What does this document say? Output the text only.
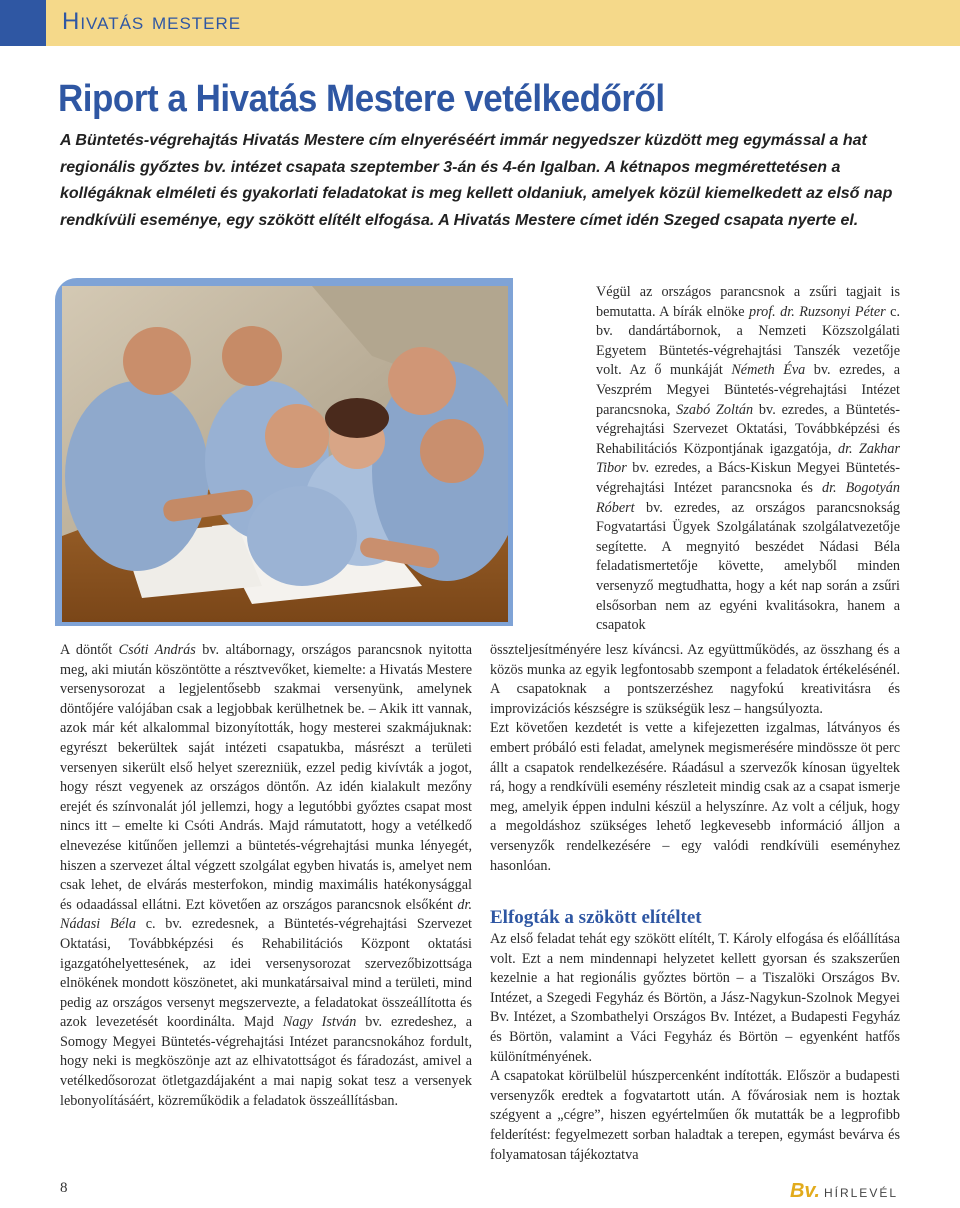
Hivatás mestere
Riport a Hivatás Mestere vetélkedőről

A Büntetés-végrehajtás Hivatás Mestere cím elnyeréséért immár negyedszer küzdött meg egymással a hat regionális győztes bv. intézet csapata szeptember 3-án és 4-én Igalban. A kétnapos megmérettetésen a kollégáknak elméleti és gyakorlati feladatokat is meg kellett oldaniuk, amelyek közül kiemelkedett az első nap rendkívüli eseménye, egy szökött elítélt elfogása. A Hivatás Mestere címet idén Szeged csapata nyerte el.

Végül az országos parancsnok a zsűri tagjait is bemutatta. A bírák elnöke prof. dr. Ruzsonyi Péter c. bv. dandártábornok, a Nemzeti Közszolgálati Egyetem Büntetés-végrehajtási Tanszék vezetője volt. Az ő munkáját Németh Éva bv. ezredes, a Veszprém Megyei Büntetés-végrehajtási Intézet parancsnoka, Szabó Zoltán bv. ezredes, a Büntetés-végrehajtási Szervezet Oktatási, Továbbképzési és Rehabilitációs Központjának igazgatója, dr. Zakhar Tibor bv. ezredes, a Bács-Kiskun Megyei Büntetés-végrehajtási Intézet parancsnoka és dr. Bogotyán Róbert bv. ezredes, az országos parancsnokság Fogvatartási Ügyek Szolgálatának szolgálatvezetője segítette. A megnyitó beszédet Nádasi Béla feladatismertetője követte, amelyből minden versenyző megtudhatta, hogy a két nap során a zsűri elsősorban nem az egyéni kvalitásokra, hanem a csapatok

A döntőt Csóti András bv. altábornagy, országos parancsnok nyitotta meg, aki miután köszöntötte a résztvevőket, kiemelte: a Hivatás Mestere versenysorozat a legjelentősebb szakmai versenyünk, amelynek döntőjére valójában csak a legjobbak kerülhetnek be. – Akik itt vannak, azok már két alkalommal bizonyították, hogy mesterei szakmájuknak: egyrészt bekerültek saját intézeti csapatukba, másrészt a területi versenyen sikerült első helyet szerezniük, ezzel pedig kivívták a jogot, hogy részt vegyenek az országos döntőn. Az idén kialakult mezőny erejét és színvonalát jól jellemzi, hogy a legutóbbi győztes csapat most nincs itt – emelte ki Csóti András. Majd rámutatott, hogy a vetélkedő elnevezése kitűnően jellemzi a büntetés-végrehajtási munka lényegét, hiszen a szervezet által végzett szolgálat egyben hivatás is, amelyet nem csak lehet, de elvárás mesterfokon, mindig maximális hatékonysággal és odaadással ellátni. Ezt követően az országos parancsnok elsőként dr. Nádasi Béla c. bv. ezredesnek, a Büntetés-végrehajtási Szervezet Oktatási, Továbbképzési és Rehabilitációs Központ oktatási igazgatóhelyettesének, az idei versenysorozat szervezőbizottsága elnökének mondott köszönetet, aki munkatársaival mind a területi, mind pedig az országos versenyt megszervezte, a feladatokat összeállította és azok levezetését koordinálta. Majd Nagy István bv. ezredeshez, a Somogy Megyei Büntetés-végrehajtási Intézet parancsnokához fordult, hogy neki is megköszönje azt az elhivatottságot és fáradozást, amivel a vetélkedősorozat ötletgazdájaként a mai napig sokat tesz a versenyek lebonyolításáért, közreműködik a feladatok összeállításban.

összteljesítményére lesz kíváncsi. Az együttműködés, az összhang és a közös munka az egyik legfontosabb szempont a feladatok értékelésénél. A csapatoknak a pontszerzéshez nagyfokú kreativitásra és improvizációs készségre is szükségük lesz – hangsúlyozta.

Ezt követően kezdetét is vette a kifejezetten izgalmas, látványos és embert próbáló esti feladat, amelynek megismerésére mindössze öt perc állt a csapatok rendelkezésére. Ráadásul a szervezők kínosan ügyeltek rá, hogy a rendkívüli esemény részleteit mindig csak az a csapat ismerje meg, amelyik éppen indulni készül a helyszínre. Az volt a céljuk, hogy a megoldáshoz szükséges lehető legkevesebb információ álljon a versenyzők rendelkezésére – egy valódi rendkívüli eseményhez hasonlóan.

Elfogták a szökött elítéltet

Az első feladat tehát egy szökött elítélt, T. Károly elfogása és előállítása volt. Ezt a nem mindennapi helyzetet kellett gyorsan és szakszerűen kezelnie a hat regionális győztes börtön – a Tiszalöki Országos Bv. Intézet, a Szegedi Fegyház és Börtön, a Jász-Nagykun-Szolnok Megyei Bv. Intézet, a Szombathelyi Országos Bv. Intézet, a Budapesti Fegyház és Börtön, valamint a Váci Fegyház és Börtön – egyenként hatfős különítményének.

A csapatokat körülbelül húszpercenként indították. Először a budapesti versenyzők eredtek a fogvatartott után. A fővárosiak nem is hoztak szégyent a „cégre”, hiszen egyértelműen ők mutatták be a legprofibb felderítést: fegyelmezett sorban haladtak a terepen, egymást bevárva és folyamatosan tájékoztatva

8	Bv. HÍRLEVÉL
